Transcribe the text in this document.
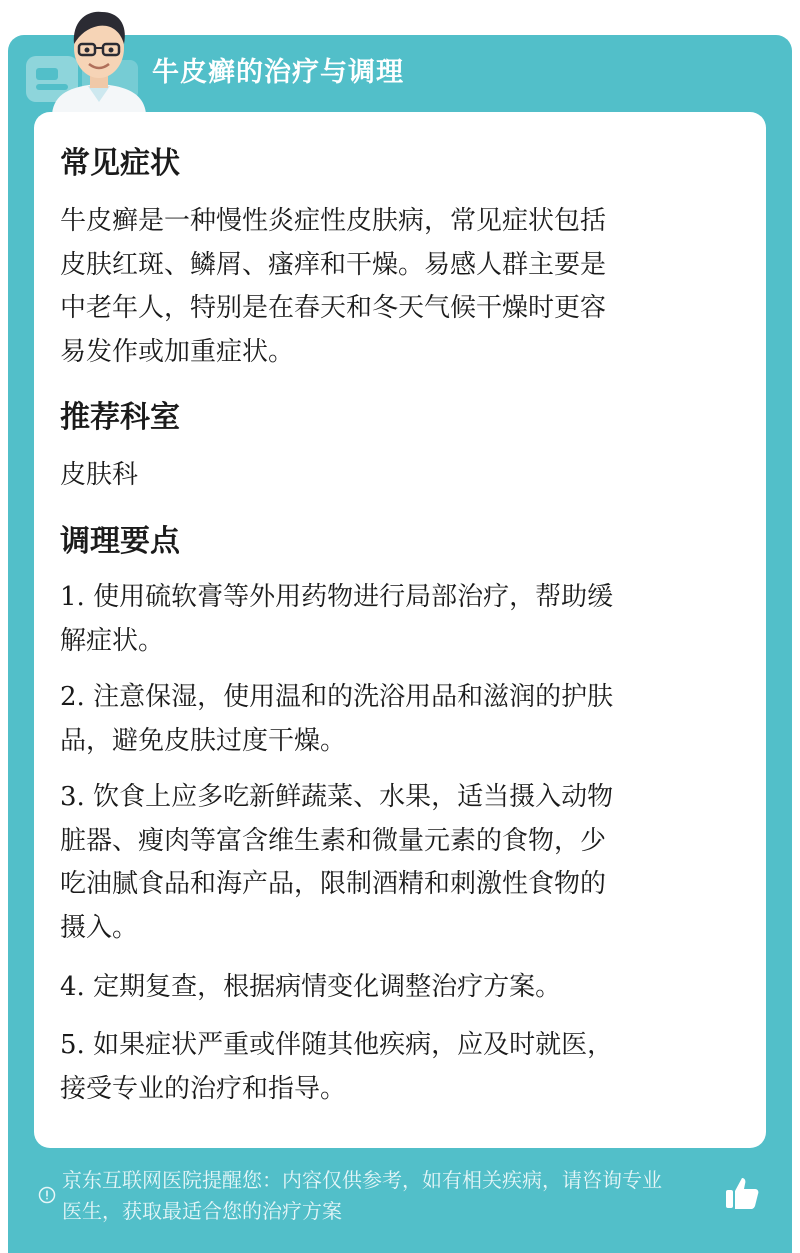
牛皮癣的治疗与调理
常见症状
牛皮癣是一种慢性炎症性皮肤病，常见症状包括
皮肤红斑、鳞屑、瘙痒和干燥。易感人群主要是
中老年人，特别是在春天和冬天气候干燥时更容
易发作或加重症状。
推荐科室
皮肤科
调理要点
1. 使用硫软膏等外用药物进行局部治疗，帮助缓
解症状。
2. 注意保湿，使用温和的洗浴用品和滋润的护肤
品，避免皮肤过度干燥。
3. 饮食上应多吃新鲜蔬菜、水果，适当摄入动物
脏器、瘦肉等富含维生素和微量元素的食物，少
吃油腻食品和海产品，限制酒精和刺激性食物的
摄入。
4. 定期复查，根据病情变化调整治疗方案。
5. 如果症状严重或伴随其他疾病，应及时就医，
接受专业的治疗和指导。
京东互联网医院提醒您：内容仅供参考，如有相关疾病，请咨询专业
医生，获取最适合您的治疗方案
